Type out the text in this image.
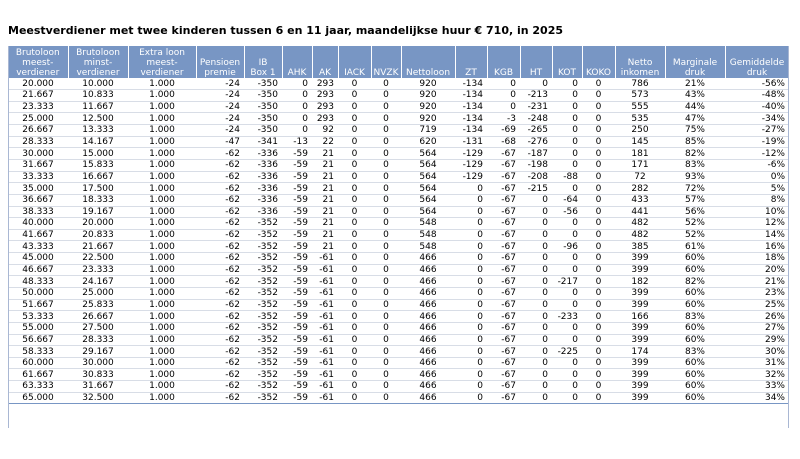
Meestverdiener met twee kinderen tussen 6 en 11 jaar, maandelijkse huur € 710, in 2025
Brutoloon
meest-
verdiener	Brutoloon
minst-
verdiener	Extra loon
meest-
verdiener	Pensioen
premie	IB
Box 1	AHK	AK	IACK	NVZK	Nettoloon	ZT	KGB	HT	KOT	KOKO	Netto
inkomen	Marginale
druk	Gemiddelde
druk
20.000	10.000	1.000	-24	-350	0	293	0	0	920	-134	0	0	0	0	786	21%	-56%
21.667	10.833	1.000	-24	-350	0	293	0	0	920	-134	0	-213	0	0	573	43%	-48%
23.333	11.667	1.000	-24	-350	0	293	0	0	920	-134	0	-231	0	0	555	44%	-40%
25.000	12.500	1.000	-24	-350	0	293	0	0	920	-134	-3	-248	0	0	535	47%	-34%
26.667	13.333	1.000	-24	-350	0	92	0	0	719	-134	-69	-265	0	0	250	75%	-27%
28.333	14.167	1.000	-47	-341	-13	22	0	0	620	-131	-68	-276	0	0	145	85%	-19%
30.000	15.000	1.000	-62	-336	-59	21	0	0	564	-129	-67	-187	0	0	181	82%	-12%
31.667	15.833	1.000	-62	-336	-59	21	0	0	564	-129	-67	-198	0	0	171	83%	-6%
33.333	16.667	1.000	-62	-336	-59	21	0	0	564	-129	-67	-208	-88	0	72	93%	0%
35.000	17.500	1.000	-62	-336	-59	21	0	0	564	0	-67	-215	0	0	282	72%	5%
36.667	18.333	1.000	-62	-336	-59	21	0	0	564	0	-67	0	-64	0	433	57%	8%
38.333	19.167	1.000	-62	-336	-59	21	0	0	564	0	-67	0	-56	0	441	56%	10%
40.000	20.000	1.000	-62	-352	-59	21	0	0	548	0	-67	0	0	0	482	52%	12%
41.667	20.833	1.000	-62	-352	-59	21	0	0	548	0	-67	0	0	0	482	52%	14%
43.333	21.667	1.000	-62	-352	-59	21	0	0	548	0	-67	0	-96	0	385	61%	16%
45.000	22.500	1.000	-62	-352	-59	-61	0	0	466	0	-67	0	0	0	399	60%	18%
46.667	23.333	1.000	-62	-352	-59	-61	0	0	466	0	-67	0	0	0	399	60%	20%
48.333	24.167	1.000	-62	-352	-59	-61	0	0	466	0	-67	0	-217	0	182	82%	21%
50.000	25.000	1.000	-62	-352	-59	-61	0	0	466	0	-67	0	0	0	399	60%	23%
51.667	25.833	1.000	-62	-352	-59	-61	0	0	466	0	-67	0	0	0	399	60%	25%
53.333	26.667	1.000	-62	-352	-59	-61	0	0	466	0	-67	0	-233	0	166	83%	26%
55.000	27.500	1.000	-62	-352	-59	-61	0	0	466	0	-67	0	0	0	399	60%	27%
56.667	28.333	1.000	-62	-352	-59	-61	0	0	466	0	-67	0	0	0	399	60%	29%
58.333	29.167	1.000	-62	-352	-59	-61	0	0	466	0	-67	0	-225	0	174	83%	30%
60.000	30.000	1.000	-62	-352	-59	-61	0	0	466	0	-67	0	0	0	399	60%	31%
61.667	30.833	1.000	-62	-352	-59	-61	0	0	466	0	-67	0	0	0	399	60%	32%
63.333	31.667	1.000	-62	-352	-59	-61	0	0	466	0	-67	0	0	0	399	60%	33%
65.000	32.500	1.000	-62	-352	-59	-61	0	0	466	0	-67	0	0	0	399	60%	34%
